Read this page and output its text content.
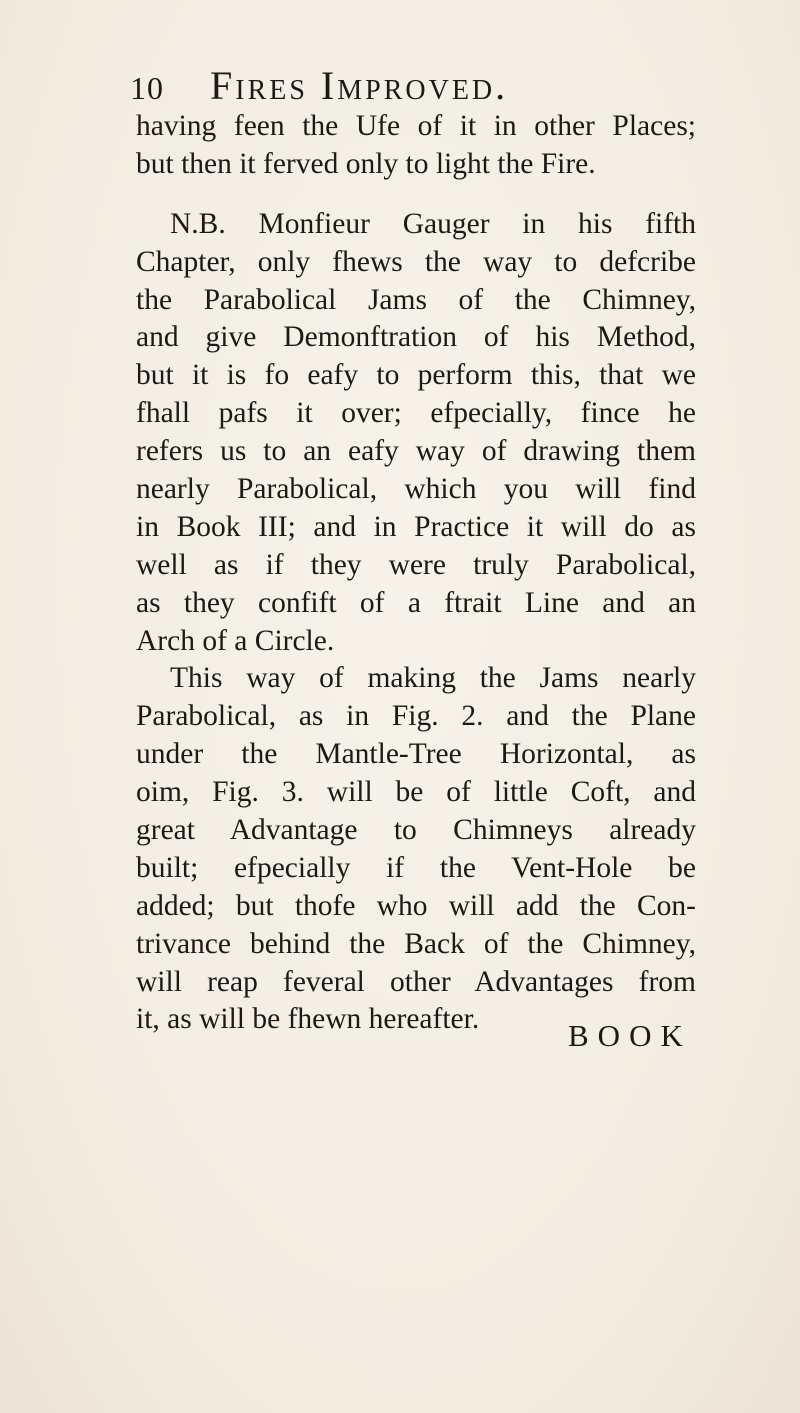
10	Fires Improved.
having feen the Ufe of it in other Places;
but then it ferved only to light the Fire.
N.B. Monfieur Gauger in his fifth
Chapter, only fhews the way to defcribe
the Parabolical Jams of the Chimney,
and give Demonftration of his Method,
but it is fo eafy to perform this, that we
fhall pafs it over; efpecially, fince he
refers us to an eafy way of drawing them
nearly Parabolical, which you will find
in Book III; and in Practice it will do as
well as if they were truly Parabolical,
as they confift of a ftrait Line and an
Arch of a Circle.
This way of making the Jams nearly
Parabolical, as in Fig. 2. and the Plane
under the Mantle-Tree Horizontal, as
oim, Fig. 3. will be of little Coft, and
great Advantage to Chimneys already
built; efpecially if the Vent-Hole be
added; but thofe who will add the Con-
trivance behind the Back of the Chimney,
will reap feveral other Advantages from
it, as will be fhewn hereafter.	BOOK
